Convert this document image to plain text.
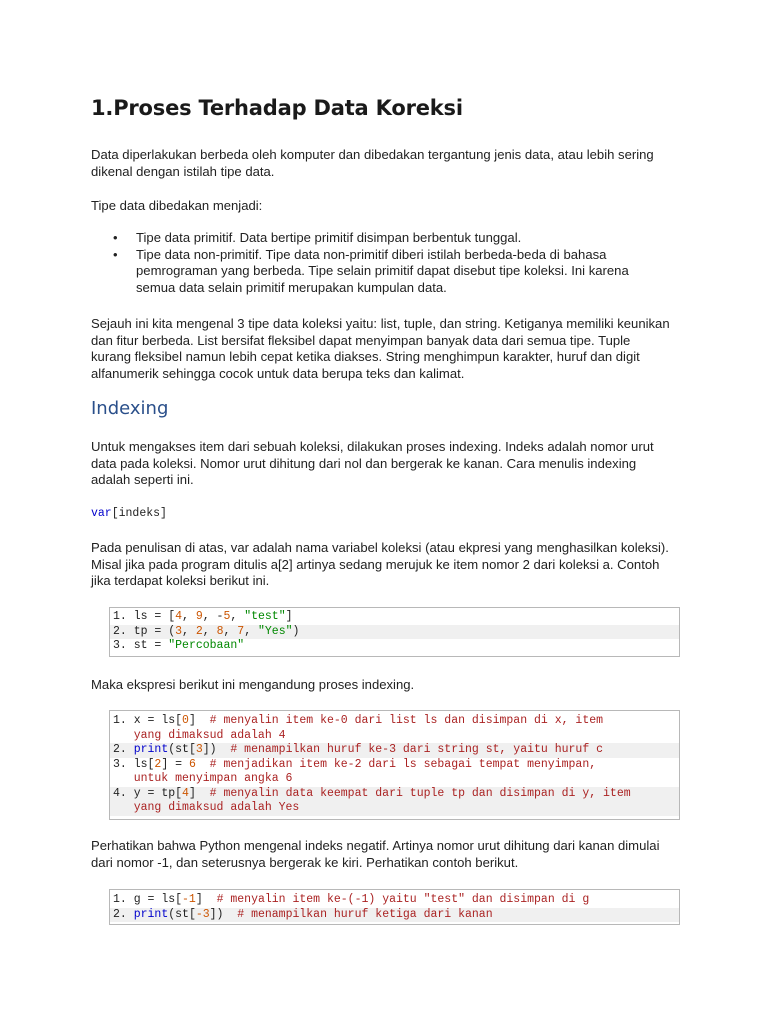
1.Proses Terhadap Data Koreksi

Data diperlakukan berbeda oleh komputer dan dibedakan tergantung jenis data, atau lebih sering dikenal dengan istilah tipe data.

Tipe data dibedakan menjadi:

• Tipe data primitif. Data bertipe primitif disimpan berbentuk tunggal.
• Tipe data non-primitif. Tipe data non-primitif diberi istilah berbeda-beda di bahasa pemrograman yang berbeda. Tipe selain primitif dapat disebut tipe koleksi. Ini karena semua data selain primitif merupakan kumpulan data.

Sejauh ini kita mengenal 3 tipe data koleksi yaitu: list, tuple, dan string. Ketiganya memiliki keunikan dan fitur berbeda. List bersifat fleksibel dapat menyimpan banyak data dari semua tipe. Tuple kurang fleksibel namun lebih cepat ketika diakses. String menghimpun karakter, huruf dan digit alfanumerik sehingga cocok untuk data berupa teks dan kalimat.

Indexing

Untuk mengakses item dari sebuah koleksi, dilakukan proses indexing. Indeks adalah nomor urut data pada koleksi. Nomor urut dihitung dari nol dan bergerak ke kanan. Cara menulis indexing adalah seperti ini.

var[indeks]

Pada penulisan di atas, var adalah nama variabel koleksi (atau ekpresi yang menghasilkan koleksi). Misal jika pada program ditulis a[2] artinya sedang merujuk ke item nomor 2 dari koleksi a. Contoh jika terdapat koleksi berikut ini.

1. ls = [4, 9, -5, "test"]
2. tp = (3, 2, 8, 7, "Yes")
3. st = "Percobaan"

Maka ekspresi berikut ini mengandung proses indexing.

1. x = ls[0]  # menyalin item ke-0 dari list ls dan disimpan di x, item
yang dimaksud adalah 4
2. print(st[3])  # menampilkan huruf ke-3 dari string st, yaitu huruf c
3. ls[2] = 6 # menjadikan item ke-2 dari ls sebagai tempat menyimpan,
untuk menyimpan angka 6
4. y = tp[4]  # menyalin data keempat dari tuple tp dan disimpan di y, item
yang dimaksud adalah Yes

Perhatikan bahwa Python mengenal indeks negatif. Artinya nomor urut dihitung dari kanan dimulai dari nomor -1, dan seterusnya bergerak ke kiri. Perhatikan contoh berikut.

1. g = ls[-1]  # menyalin item ke-(-1) yaitu "test" dan disimpan di g
2. print(st[-3])  # menampilkan huruf ketiga dari kanan
